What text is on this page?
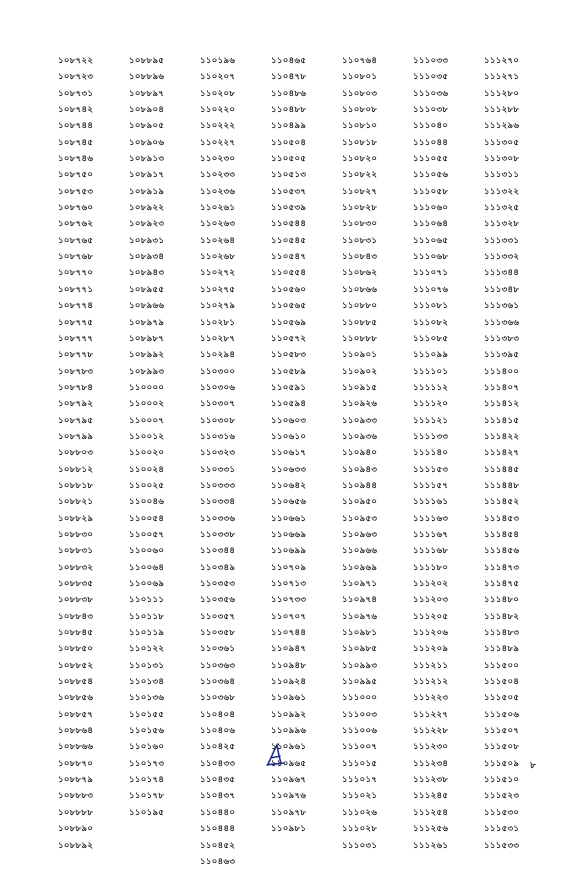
১০৮৭২২
১০৮৭২৩
১০৮৭৩১
১০৮৭৪২
১০৮৭৪৪
১০৮৭৪৫
১০৮৭৪৬
১০৮৭৫০
১০৮৭৫৩
১০৮৭৬০
১০৮৭৬২
১০৮৭৬৫
১০৮৭৬৮
১০৮৭৭০
১০৮৭৭১
১০৮৭৭৪
১০৮৭৭৫
১০৮৭৭৭
১০৮৭৭৮
১০৮৭৮৩
১০৮৭৮৪
১০৮৭৯২
১০৮৭৯৫
১০৮৭৯৯
১০৮৮০৩
১০৮৮১২
১০৮৮১৮
১০৮৮২১
১০৮৮২৯
১০৮৮৩০
১০৮৮৩১
১০৮৮৩২
১০৮৮৩৫
১০৮৮৩৮
১০৮৮৪৩
১০৮৮৪৫
১০৮৮৫০
১০৮৮৫২
১০৮৮৫৪
১০৮৮৫৬
১০৮৮৫৭
১০৮৮৬৪
১০৮৮৬৬
১০৮৮৭০
১০৮৮৭৯
১০৮৮৮৩
১০৮৮৮৮
১০৮৮৯০
১০৮৮৯২
১০৮৮৯৫
১০৮৮৯৬
১০৮৮৯৭
১০৮৯০৪
১০৮৯০৫
১০৮৯০৬
১০৮৯১৩
১০৮৯১৭
১০৮৯১৯
১০৮৯২২
১০৮৯২৩
১০৮৯৩১
১০৮৯৩৪
১০৮৯৪৩
১০৮৯৫৫
১০৮৯৬৬
১০৮৯৭৯
১০৮৯৮৭
১০৮৯৯২
১০৮৯৯৩
১১০০০০
১১০০০২
১১০০০৭
১১০০১২
১১০০২০
১১০০২৪
১১০০২৫
১১০০৪৬
১১০০৫৪
১১০০৫৭
১১০০৬০
১১০০৬৪
১১০০৬৯
১১০১১১
১১০১১৮
১১০১১৯
১১০১২২
১১০১৩১
১১০১৩৪
১১০১৩৬
১১০১৫৫
১১০১৫৬
১১০১৬০
১১০১৭৩
১১০১৭৪
১১০১৭৮
১১০১৯৫
১১০১৯৬
১১০২০৭
১১০২০৮
১১০২২০
১১০২২২
১১০২২৭
১১০২৩০
১১০২৩৩
১১০২৩৬
১১০২৬১
১১০২৬৩
১১০২৬৪
১১০২৬৮
১১০২৭২
১১০২৭৫
১১০২৭৯
১১০২৮১
১১০২৮৭
১১০২৯৪
১১০৩০০
১১০৩০৬
১১০৩০৭
১১০৩০৮
১১০৩১৬
১১০৩২৩
১১০৩৩১
১১০৩৩৩
১১০৩৩৪
১১০৩৩৬
১১০৩৩৮
১১০৩৪৪
১১০৩৪৯
১১০৩৫৩
১১০৩৫৬
১১০৩৫৭
১১০৩৫৮
১১০৩৬১
১১০৩৬৩
১১০৩৬৪
১১০৩৬৮
১১০৪০৪
১১০৪০৬
১১০৪২৫
১১০৪৩৩
১১০৪৩৫
১১০৪৩৭
১১০৪৪০
১১০৪৪৪
১১০৪৫২
১১০৪৬৩
১১০৪৬৫
১১০৪৭৮
১১০৪৮৬
১১০৪৮৮
১১০৪৯৯
১১০৫০৪
১১০৫০৫
১১০৫১৩
১১০৫৩৭
১১০৫৩৯
১১০৫৪৪
১১০৫৪৫
১১০৫৪৭
১১০৫৫৪
১১০৫৬০
১১০৫৬৫
১১০৫৬৯
১১০৫৭২
১১০৫৮৩
১১০৫৮৯
১১০৫৯১
১১০৫৯৪
১১০৬০৩
১১০৬১০
১১০৬১৭
১১০৬৩৩
১১০৬৪২
১১০৬৫৬
১১০৬৬১
১১০৬৬৯
১১০৬৯৯
১১০৭০৯
১১০৭১৩
১১০৭৩৩
১১০৭০৭
১১০৭৪৪
১১০৯৪৭
১১০৯৪৮
১১০৯২৪
১১০৯৬১
১১০৯৯২
১১০৯৯৬
১১০৯৬১
১১০৯৬৫
১১০৯৬৭
১১০৯৭৬
১১০৯৭৮
১১০৯৮১
১১০৭৬৪
১১০৮০১
১১০৮০৩
১১০৮০৮
১১০৮১০
১১০৮১৮
১১০৮২০
১১০৮২২
১১০৮২৭
১১০৮২৮
১১০৮৩০
১১০৮৩১
১১০৮৪৩
১১০৮৬২
১১০৮৬৬
১১০৮৮০
১১০৮৮৫
১১০৮৮৮
১১০৯০১
১১০৯০২
১১০৯১৫
১১০৯২৬
১১০৯৩৩
১১০৯৩৬
১১০৯৪০
১১০৯৪৩
১১০৯৪৪
১১০৯৫০
১১০৯৫৩
১১০৯৬৩
১১০৯৬৬
১১০৯৬৯
১১০৯৭১
১১০৯৭৪
১১০৯৭৬
১১০৯৮১
১১০৯৮৫
১১০৯৯৩
১১০৯৯৫
১১১০০০
১১১০০৩
১১১০০৬
১১১০০৭
১১১০১৫
১১১০১৭
১১১০২১
১১১০২৬
১১১০২৮
১১১০৩১
১১১০৩৩
১১১০৩৫
১১১০৩৬
১১১০৩৮
১১১০৪০
১১১০৪৪
১১১০৫৫
১১১০৫৬
১১১০৫৮
১১১০৬০
১১১০৬৪
১১১০৬৫
১১১০৬৮
১১১০৭১
১১১০৭৬
১১১০৮১
১১১০৮২
১১১০৮৫
১১১০৯৯
১১১১০১
১১১১১২
১১১১২০
১১১১২১
১১১১৩৩
১১১১৪০
১১১১৫৩
১১১১৫৭
১১১১৬১
১১১১৬৩
১১১১৬৭
১১১১৬৮
১১১১৮০
১১১২০২
১১১২০৩
১১১২০৫
১১১২০৬
১১১২০৯
১১১২১১
১১১২১২
১১১২২৩
১১১২২৭
১১১২২৮
১১১২৩০
১১১২৩৪
১১১২৩৮
১১১২৪৫
১১১২৫৪
১১১২৫৬
১১১২৬১
১১১২৭০
১১১২৭১
১১১২৮০
১১১২৮৮
১১১২৯৬
১১১৩০৫
১১১৩০৮
১১১৩১১
১১১৩২২
১১১৩২৫
১১১৩২৮
১১১৩৩১
১১১৩৩২
১১১৩৪৪
১১১৩৪৮
১১১৩৬১
১১১৩৬৬
১১১৩৮৩
১১১৩৯৫
১১১৪০০
১১১৪০৭
১১১৪১২
১১১৪১৫
১১১৪২২
১১১৪২৭
১১১৪৪৫
১১১৪৪৮
১১১৪৫২
১১১৪৫৩
১১১৪৫৪
১১১৪৫৬
১১১৪৭৩
১১১৪৭৫
১১১৪৮০
১১১৪৮২
১১১৪৮৩
১১১৪৮৯
১১১৫০০
১১১৫০৪
১১১৫০৫
১১১৫০৬
১১১৫০৭
১১১৫০৮
১১১৫০৯
১১১৫১০
১১১৫২৩
১১১৫৩০
১১১৫৩১
১১১৫৩৩
৮
